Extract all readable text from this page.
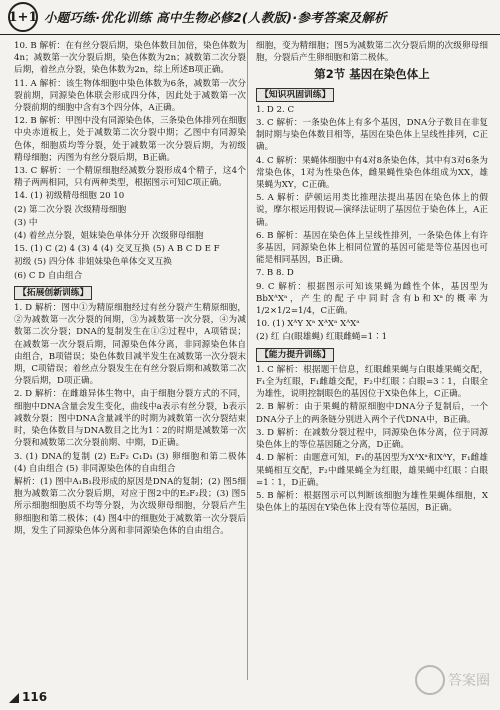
1+1 小题巧练·优化训练 高中生物必修2(人教版)·参考答案及解析
10. B 解析：在有丝分裂后期，染色体数目加倍，染色体数为4n；减数第一次分裂后期，染色体数为2n；减数第二次分裂后期，着丝点分裂，染色体数为2n，综上所述B项正确。
11. A 解析：该生物体细胞中染色体数为6条，减数第一次分裂前期，同源染色体联会形成四分体，因此处于减数第一次分裂前期的细胞中含有3个四分体，A正确。
12. B 解析：甲图中没有同源染色体，三条染色体排列在细胞中央赤道板上，处于减数第二次分裂中期；乙图中有同源染色体，细胞质均等分裂，处于减数第一次分裂后期，为初级精母细胞；丙图为有丝分裂后期，B正确。
13. C 解析：一个精原细胞经减数分裂形成4个精子，这4个精子两两相同，只有两种类型，根据图示可知C项正确。
14. (1) 初级精母细胞 20 10
(2) 第二次分裂 次级精母细胞
(3) 中
(4) 着丝点分裂，姐妹染色单体分开 次级卵母细胞
15. (1) C (2) 4 (3) 4 (4) 交叉互换 (5) A B C D E F
初级 (5) 四分体 非姐妹染色单体交叉互换
(6) C D 自由组合
【拓展创新训练】
1. D 解析：图中①为精原细胞经过有丝分裂产生精原细胞，②为减数第一次分裂的间期，③为减数第一次分裂，④为减数第二次分裂；DNA的复制发生在①②过程中，A项错误；在减数第一次分裂后期，同源染色体分离，非同源染色体自由组合，B项错误；染色体数目减半发生在减数第一次分裂末期，C项错误；着丝点分裂发生在有丝分裂后期和减数第二次分裂后期，D项正确。
2. D 解析：在雌雄异体生物中，由于细胞分裂方式的不同，细胞中DNA含量会发生变化，曲线中a表示有丝分裂，b表示减数分裂；图中DNA含量减半的时期为减数第一次分裂结束时，染色体数目与DNA数目之比为1∶2的时期是减数第一次分裂和减数第二次分裂前期、中期，D正确。
3. (1) DNA的复制 (2) E₂F₂ C₁D₁ (3) 卵细胞和第二极体 (4) 自由组合 (5) 非同源染色体的自由组合
解析：(1) 图中A₁B₁段形成的原因是DNA的复制；(2) 图5细胞为减数第二次分裂后期，对应于图2中的E₂F₂段；(3) 图5所示细胞细胞质不均等分裂，为次级卵母细胞，分裂后产生卵细胞和第二极体；(4) 图4中的细胞处于减数第一次分裂后期，发生了同源染色体分离和非同源染色体的自由组合。
细胞，变为精细胞；图5为减数第二次分裂后期的次级卵母细胞，分裂后产生卵细胞和第二极体。
第2节 基因在染色体上
【知识巩固训练】
1. D 2. C
3. C 解析：一条染色体上有多个基因，DNA分子数目在非复制时期与染色体数目相等，基因在染色体上呈线性排列，C正确。
4. C 解析：果蝇体细胞中有4对8条染色体，其中有3对6条为常染色体，1对为性染色体，雌果蝇性染色体组成为XX，雄果蝇为XY，C正确。
5. A 解析：萨顿运用类比推理法提出基因在染色体上的假说，摩尔根运用假说—演绎法证明了基因位于染色体上，A正确。
6. B 解析：基因在染色体上呈线性排列，一条染色体上有许多基因，同源染色体上相同位置的基因可能是等位基因也可能是相同基因，B正确。
7. B 8. D
9. C 解析：根据图示可知该果蝇为雌性个体，基因型为BbXᴬXᵃ，产生的配子中同时含有b和Xᵃ的概率为1/2×1/2=1/4，C正确。
10. (1) XᴬY Xᵃ XᴬXᵃ XᴬXᵃ
(2) 红 白(眼雄蝇) 红眼雌蝇=1∶1
【能力提升训练】
1. C 解析：根据题干信息，红眼雌果蝇与白眼雄果蝇交配，F₁全为红眼，F₁雌雄交配，F₂中红眼∶白眼=3∶1，白眼全为雄性，说明控制眼色的基因位于X染色体上，C正确。
2. B 解析：由于果蝇的精原细胞中DNA分子复制后，一个DNA分子上的两条链分别进入两个子代DNA中，B正确。
3. D 解析：在减数分裂过程中，同源染色体分离，位于同源染色体上的等位基因随之分离，D正确。
4. D 解析：由题意可知，F₁的基因型为XᴬXᵃ和XᴬY，F₁雌雄果蝇相互交配，F₂中雌果蝇全为红眼，雄果蝇中红眼∶白眼=1∶1，D正确。
5. B 解析：根据图示可以判断该细胞为雄性果蝇体细胞，X染色体上的基因在Y染色体上没有等位基因，B正确。
116
答案圈
